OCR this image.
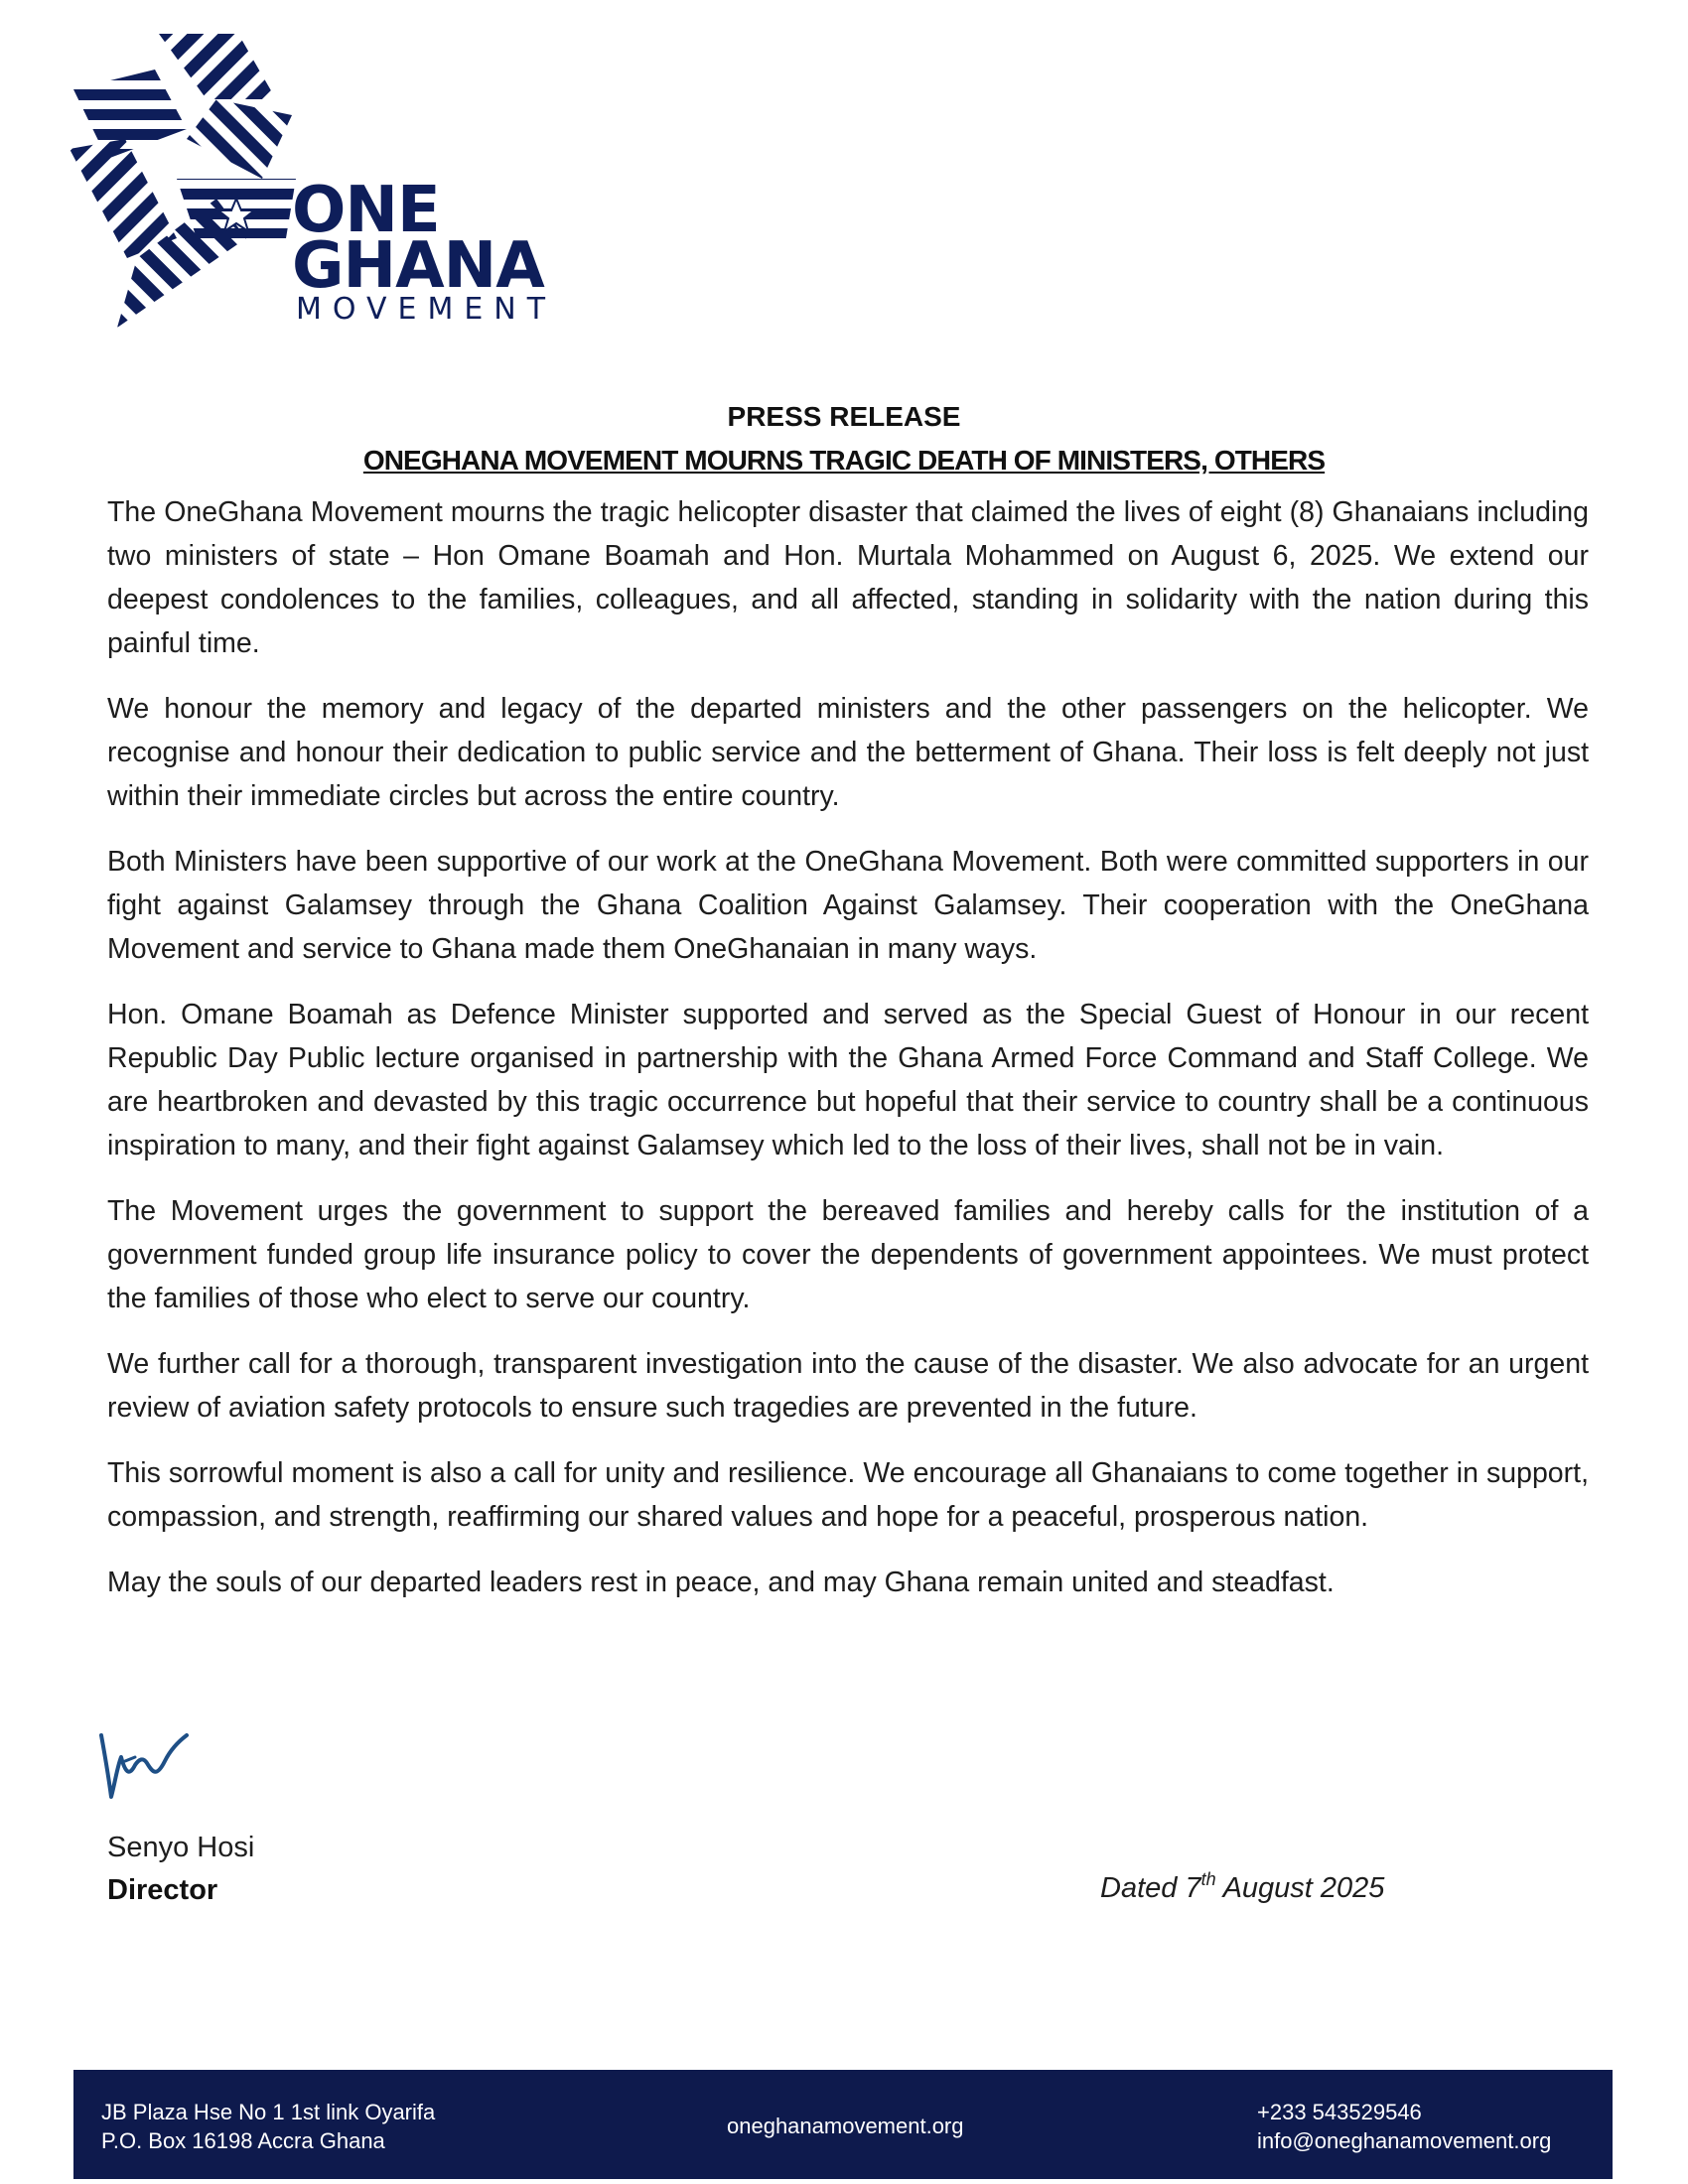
ONE
GHANA
MOVEMENT
PRESS RELEASE
ONEGHANA MOVEMENT MOURNS TRAGIC DEATH OF MINISTERS, OTHERS

The OneGhana Movement mourns the tragic helicopter disaster that claimed the lives of eight (8) Ghanaians including two ministers of state – Hon Omane Boamah and Hon. Murtala Mohammed on August 6, 2025. We extend our deepest condolences to the families, colleagues, and all affected, standing in solidarity with the nation during this painful time.

We honour the memory and legacy of the departed ministers and the other passengers on the helicopter. We recognise and honour their dedication to public service and the betterment of Ghana. Their loss is felt deeply not just within their immediate circles but across the entire country.

Both Ministers have been supportive of our work at the OneGhana Movement. Both were committed supporters in our fight against Galamsey through the Ghana Coalition Against Galamsey. Their cooperation with the OneGhana Movement and service to Ghana made them OneGhanaian in many ways.

Hon. Omane Boamah as Defence Minister supported and served as the Special Guest of Honour in our recent Republic Day Public lecture organised in partnership with the Ghana Armed Force Command and Staff College. We are heartbroken and devasted by this tragic occurrence but hopeful that their service to country shall be a continuous inspiration to many, and their fight against Galamsey which led to the loss of their lives, shall not be in vain.

The Movement urges the government to support the bereaved families and hereby calls for the institution of a government funded group life insurance policy to cover the dependents of government appointees. We must protect the families of those who elect to serve our country.

We further call for a thorough, transparent investigation into the cause of the disaster. We also advocate for an urgent review of aviation safety protocols to ensure such tragedies are prevented in the future.

This sorrowful moment is also a call for unity and resilience. We encourage all Ghanaians to come together in support, compassion, and strength, reaffirming our shared values and hope for a peaceful, prosperous nation.

May the souls of our departed leaders rest in peace, and may Ghana remain united and steadfast.

Senyo Hosi
Director	Dated 7th August 2025
JB Plaza Hse No 1 1st link Oyarifa
P.O. Box 16198 Accra Ghana
oneghanamovement.org
+233 543529546
info@oneghanamovement.org
